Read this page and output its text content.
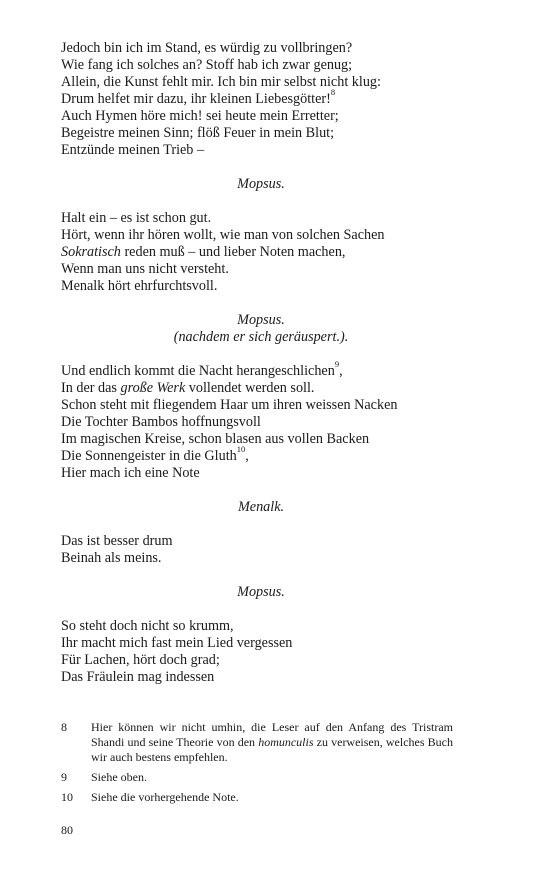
Jedoch bin ich im Stand, es würdig zu vollbringen?
Wie fang ich solches an? Stoff hab ich zwar genug;
Allein, die Kunst fehlt mir. Ich bin mir selbst nicht klug:
Drum helfet mir dazu, ihr kleinen Liebesgötter!$^8$
Auch Hymen höre mich! sei heute mein Erretter;
Begeistre meinen Sinn; flöß Feuer in mein Blut;
Entzünde meinen Trieb –
Mopsus.
Halt ein – es ist schon gut.
Hört, wenn ihr hören wollt, wie man von solchen Sachen
Sokratisch reden muß – und lieber Noten machen,
Wenn man uns nicht versteht.
Menalk hört ehrfurchtsvoll.
Mopsus.
(nachdem er sich geräuspert.).
Und endlich kommt die Nacht herangeschlichen$^9$,
In der das große Werk vollendet werden soll.
Schon steht mit fliegendem Haar um ihren weissen Nacken
Die Tochter Bambos hoffnungsvoll
Im magischen Kreise, schon blasen aus vollen Backen
Die Sonnengeister in die Gluth$^{10}$,
Hier mach ich eine Note
Menalk.
Das ist besser drum
Beinah als meins.
Mopsus.
So steht doch nicht so krumm,
Ihr macht mich fast mein Lied vergessen
Für Lachen, hört doch grad;
Das Fräulein mag indessen
8	Hier können wir nicht umhin, die Leser auf den Anfang des Tristram Shandi und seine Theorie von den homunculis zu verweisen, welches Buch wir auch bestens empfehlen.
9	Siehe oben.
10	Siehe die vorhergehende Note.
80
